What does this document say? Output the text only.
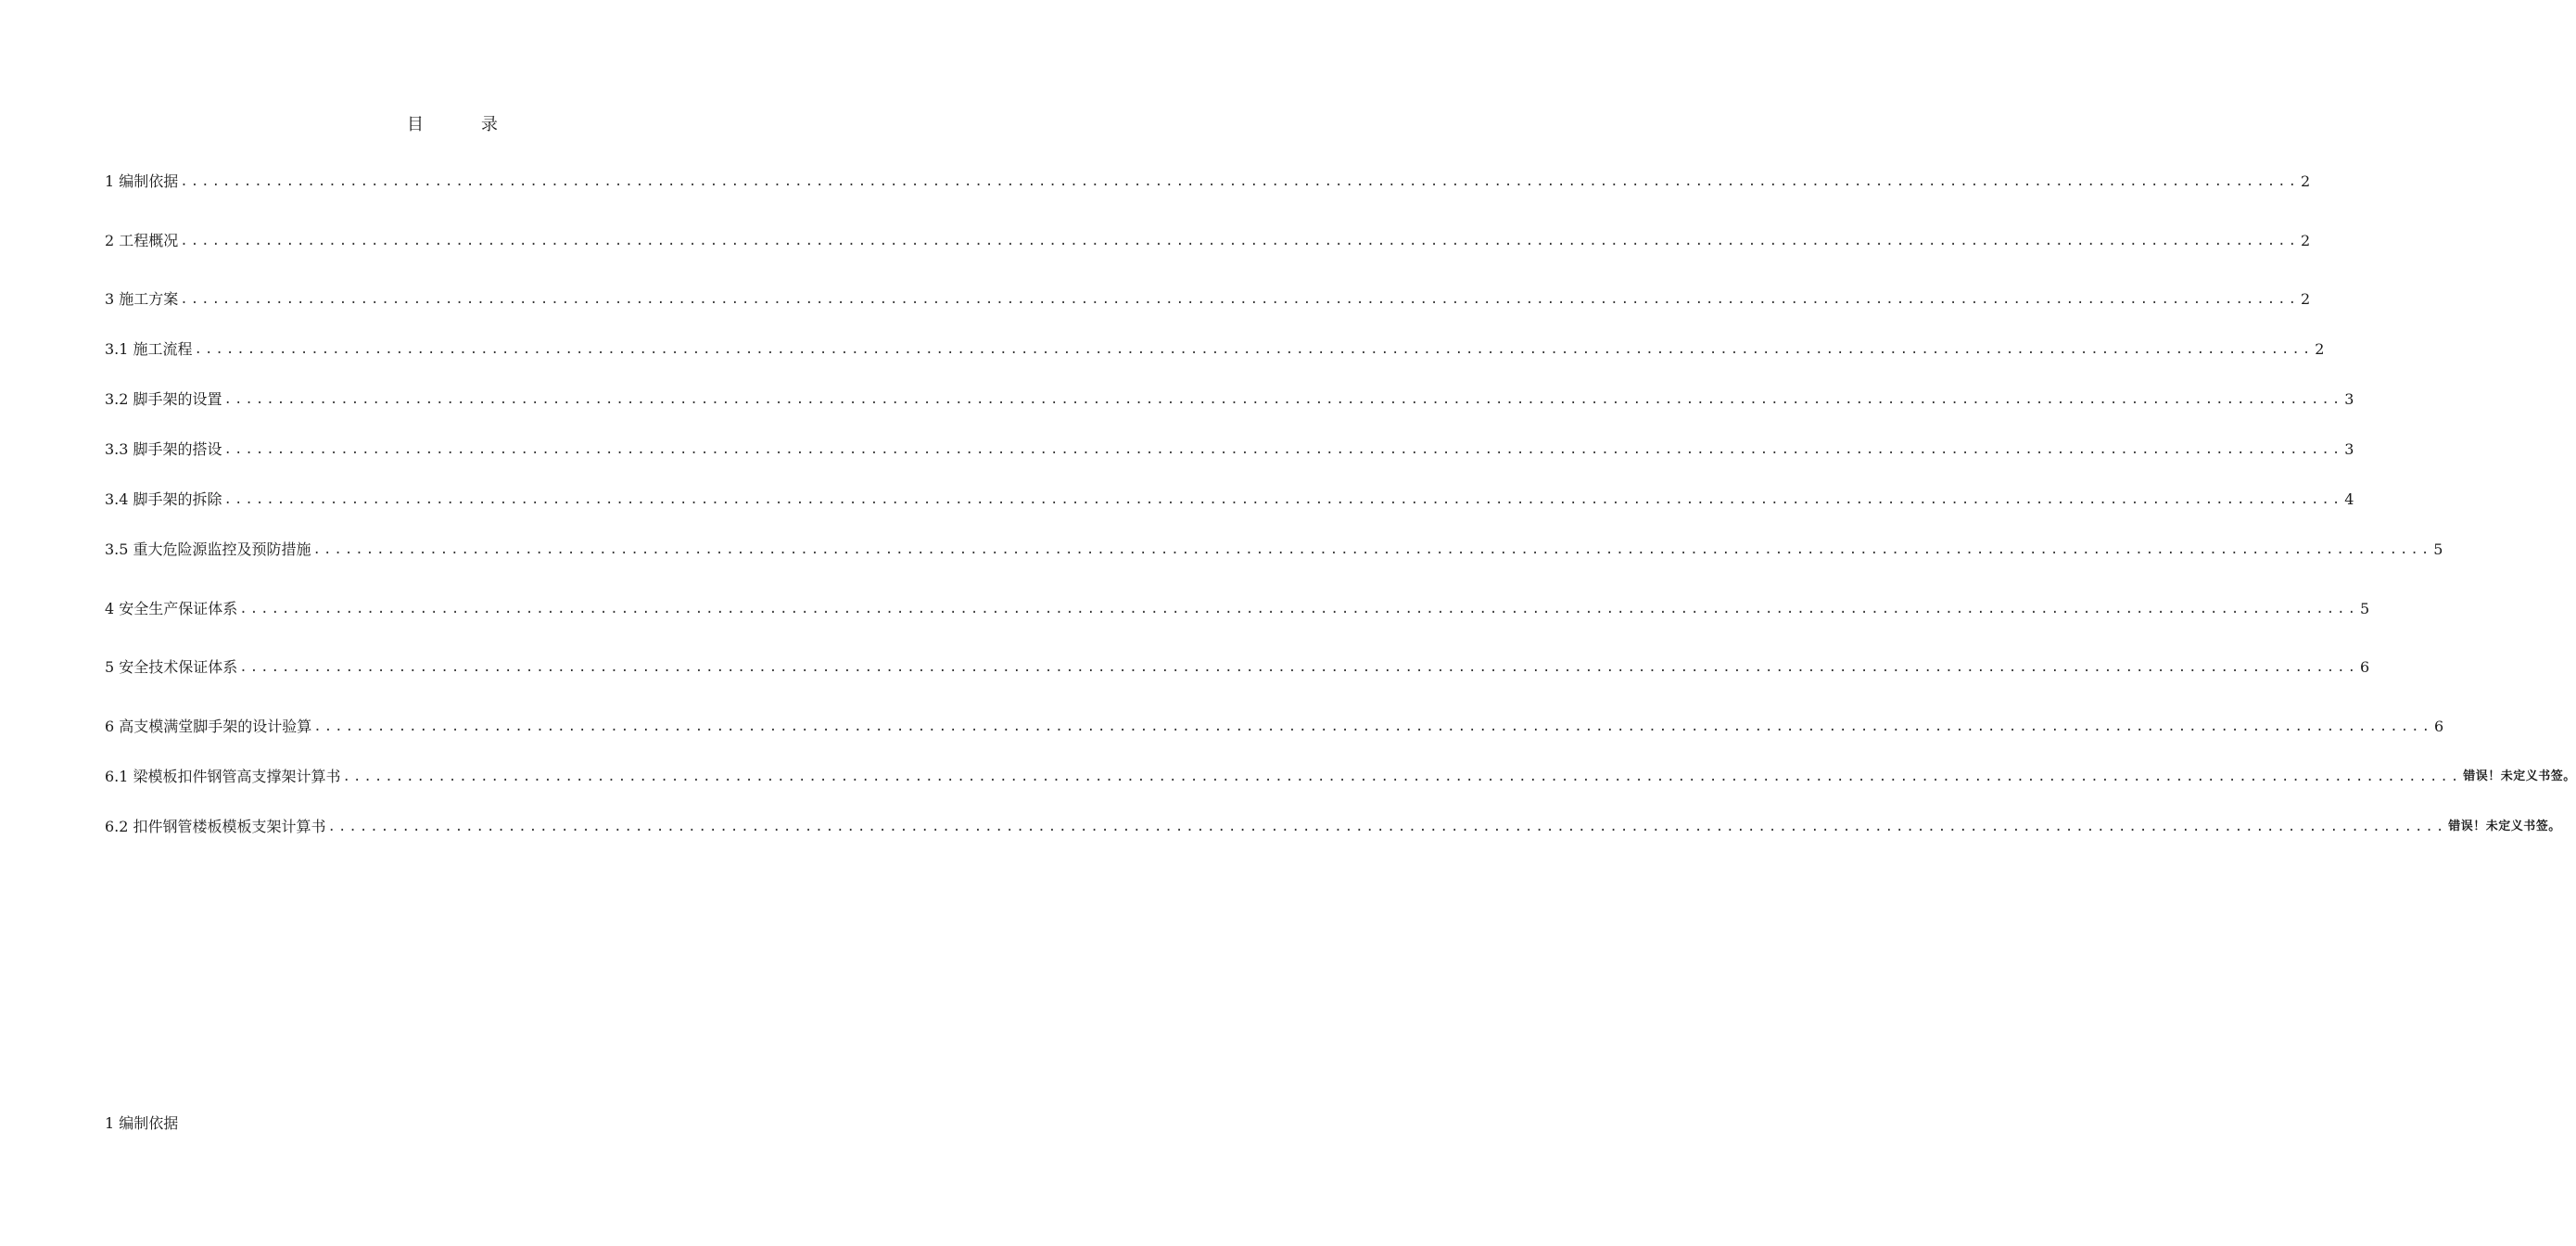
目　录
1 编制依据 ........................................................................................................................................................................................................ 2
2 工程概况 ........................................................................................................................................................................................................ 2
3 施工方案 ........................................................................................................................................................................................................ 2
3.1 施工流程 ........................................................................................................................................................................................................ 2
3.2 脚手架的设置 ........................................................................................................................................................................................................ 3
3.3 脚手架的搭设 ........................................................................................................................................................................................................ 3
3.4 脚手架的拆除 ........................................................................................................................................................................................................ 4
3.5 重大危险源监控及预防措施 ........................................................................................................................................................................................................ 5
4 安全生产保证体系 ........................................................................................................................................................................................................ 5
5 安全技术保证体系 ........................................................................................................................................................................................................ 6
6 高支模满堂脚手架的设计验算 ........................................................................................................................................................................................................ 6
6.1 梁模板扣件钢管高支撑架计算书 ........................................................................................................................................................................................................ 错误！未定义书签。
6.2 扣件钢管楼板模板支架计算书 ........................................................................................................................................................................................................ 错误！未定义书签。
1 编制依据
